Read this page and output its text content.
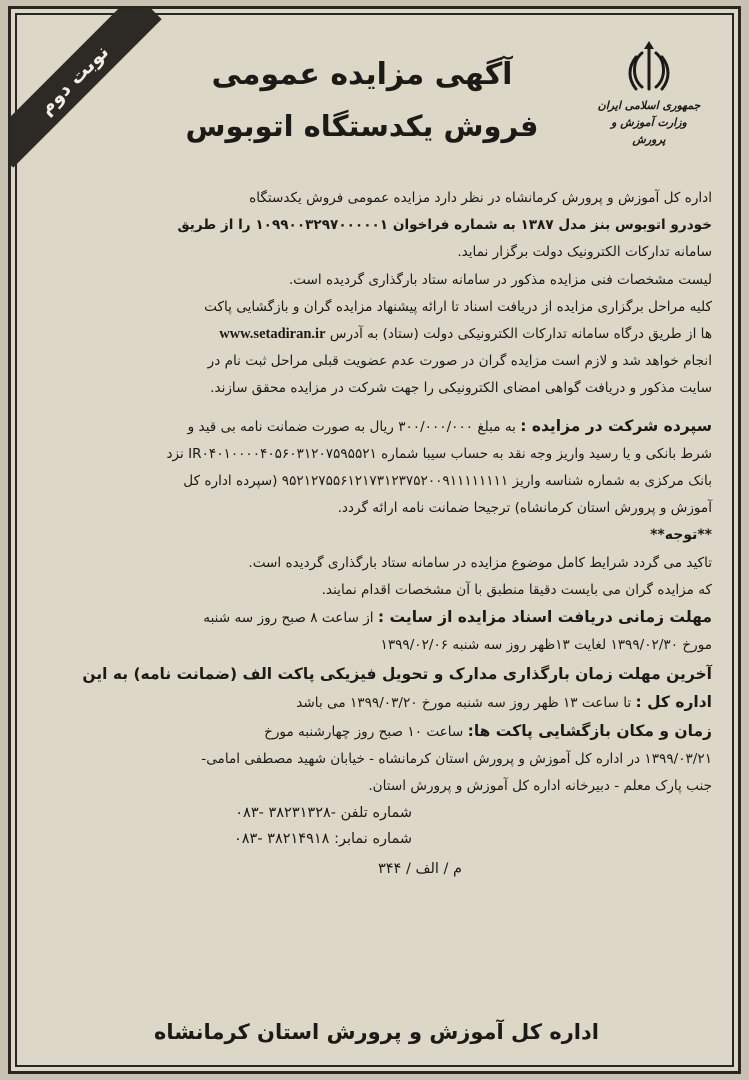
نوبت دوم	جمهوری اسلامی ایران
وزارت آموزش و پرورش
آگهی مزایده عمومی
فروش یکدستگاه اتوبوس

اداره کل آموزش و پرورش کرمانشاه در نظر دارد مزایده عمومی فروش یکدستگاه

خودرو اتوبوس بنز مدل ۱۳۸۷ به شماره فراخوان ۱۰۹۹۰۰۳۲۹۷۰۰۰۰۰۱ را از طریق

سامانه تدارکات الکترونیک دولت برگزار نماید.

لیست مشخصات فنی مزایده مذکور در سامانه ستاد بارگذاری گردیده است.

کلیه مراحل برگزاری مزایده از دریافت اسناد تا ارائه پیشنهاد مزایده گران و بازگشایی پاکت

ها از طریق درگاه سامانه تدارکات الکترونیکی دولت (ستاد) به آدرس www.setadiran.ir

انجام خواهد شد و لازم است مزایده گران در صورت عدم عضویت قبلی مراحل ثبت نام در

سایت مذکور و دریافت گواهی امضای الکترونیکی را جهت شرکت در مزایده محقق سازند.

سپرده شرکت در مزایده : به مبلغ ۳۰۰/۰۰۰/۰۰۰ ریال به صورت ضمانت نامه بی قید و

شرط بانکی و یا رسید واریز وجه نقد به حساب سیبا شماره IR۰۴۰۱۰۰۰۰۴۰۵۶۰۳۱۲۰۷۵۹۵۵۲۱ نزد

بانک مرکزی به شماره شناسه واریز ۹۵۲۱۲۷۵۵۶۱۲۱۷۳۱۲۳۷۵۲۰۰۹۱۱۱۱۱۱۱۱ (سپرده اداره کل

آموزش و پرورش استان کرمانشاه) ترجیحا ضمانت نامه ارائه گردد.

**توجه**

تاکید می گردد شرایط کامل موضوع مزایده در سامانه ستاد بارگذاری گردیده است.

که مزایده گران می بایست دقیقا منطبق با آن مشخصات اقدام نمایند.

مهلت زمانی دریافت اسناد مزایده از سایت : از ساعت ۸ صبح روز سه شنبه

مورخ ۱۳۹۹/۰۲/۳۰ لغایت ۱۳ظهر روز سه شنبه ۱۳۹۹/۰۲/۰۶

آخرین مهلت زمان بارگذاری مدارک و تحویل فیزیکی پاکت الف (ضمانت نامه) به این

اداره کل : تا ساعت ۱۳ ظهر روز سه شنبه مورخ ۱۳۹۹/۰۳/۲۰ می باشد

زمان و مکان بازگشایی پاکت ها: ساعت ۱۰ صبح روز چهارشنبه مورخ

۱۳۹۹/۰۳/۲۱ در اداره کل آموزش و پرورش استان کرمانشاه - خیابان شهید مصطفی امامی-

جنب پارک معلم - دبیرخانه اداره کل آموزش و پرورش استان.

شماره تلفن -۳۸۲۳۱۳۲۸ -۰۸۳

شماره نمابر: ۳۸۲۱۴۹۱۸ -۰۸۳

م / الف / ۳۴۴

اداره کل آموزش و پرورش استان کرمانشاه
